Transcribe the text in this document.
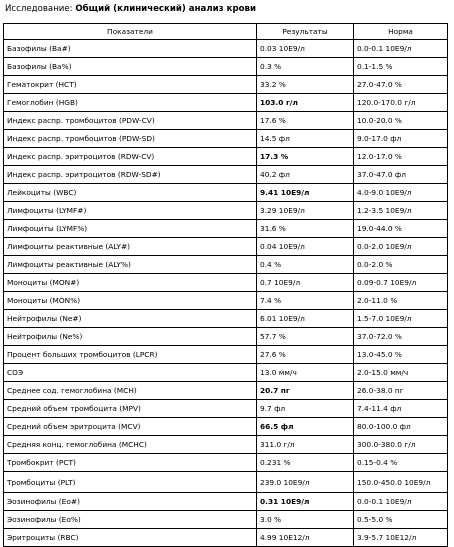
Исследование: Общий (клинический) анализ крови
Показатели	Результаты	Норма
Базофилы (Ba#)	0.03 10E9/л	0.0-0.1 10E9/л
Базофилы (Ba%)	0.3 %	0.1-1.5 %
Гематокрит (HCT)	33.2 %	27.0-47.0 %
Гемоглобин (HGB)	103.0 г/л	120.0-170.0 г/л
Индекс распр. тромбоцитов (PDW-CV)	17.6 %	10.0-20.0 %
Индекс распр. тромбоцитов (PDW-SD)	14.5 фл	9.0-17.0 фл
Индекс распр. эритроцитов (RDW-CV)	17.3 %	12.0-17.0 %
Индекс распр. эритроцитов (RDW-SD#)	40.2 фл	37.0-47.0 фл
Лейкоциты (WBC)	9.41 10E9/л	4.0-9.0 10E9/л
Лимфоциты (LYMF#)	3.29 10E9/л	1.2-3.5 10E9/л
Лимфоциты (LYMF%)	31.6 %	19.0-44.0 %
Лимфоциты реактивные (ALY#)	0.04 10E9/л	0.0-2.0 10E9/л
Лимфоциты реактивные (ALY%)	0.4 %	0.0-2.0 %
Моноциты (MON#)	0.7 10E9/л	0.09-0.7 10E9/л
Моноциты (MON%)	7.4 %	2.0-11.0 %
Нейтрофилы (Ne#)	6.01 10E9/л	1.5-7.0 10E9/л
Нейтрофилы (Ne%)	57.7 %	37.0-72.0 %
Процент больших тромбоцитов (LPCR)	27.6 %	13.0-45.0 %
СОЭ	13.0 мм/ч	2.0-15.0 мм/ч
Среднее сод. гемоглобина (MCH)	20.7 пг	26.0-38.0 пг
Средний объем тромбоцита (MPV)	9.7 фл	7.4-11.4 фл
Средний объем эритроцита (MCV)	66.5 фл	80.0-100.0 фл
Средняя конц. гемоглобина (MCHC)	311.0 г/л	300.0-380.0 г/л
Тромбокрит (PCT)	0.231 %	0.15-0.4 %
Тромбоциты (PLT)	239.0 10E9/л	150.0-450.0 10E9/л
Эозинофилы (Eo#)	0.31 10E9/л	0.0-0.1 10E9/л
Эозинофилы (Eo%)	3.0 %	0.5-5.0 %
Эритроциты (RBC)	4.99 10E12/л	3.9-5.7 10E12/л
